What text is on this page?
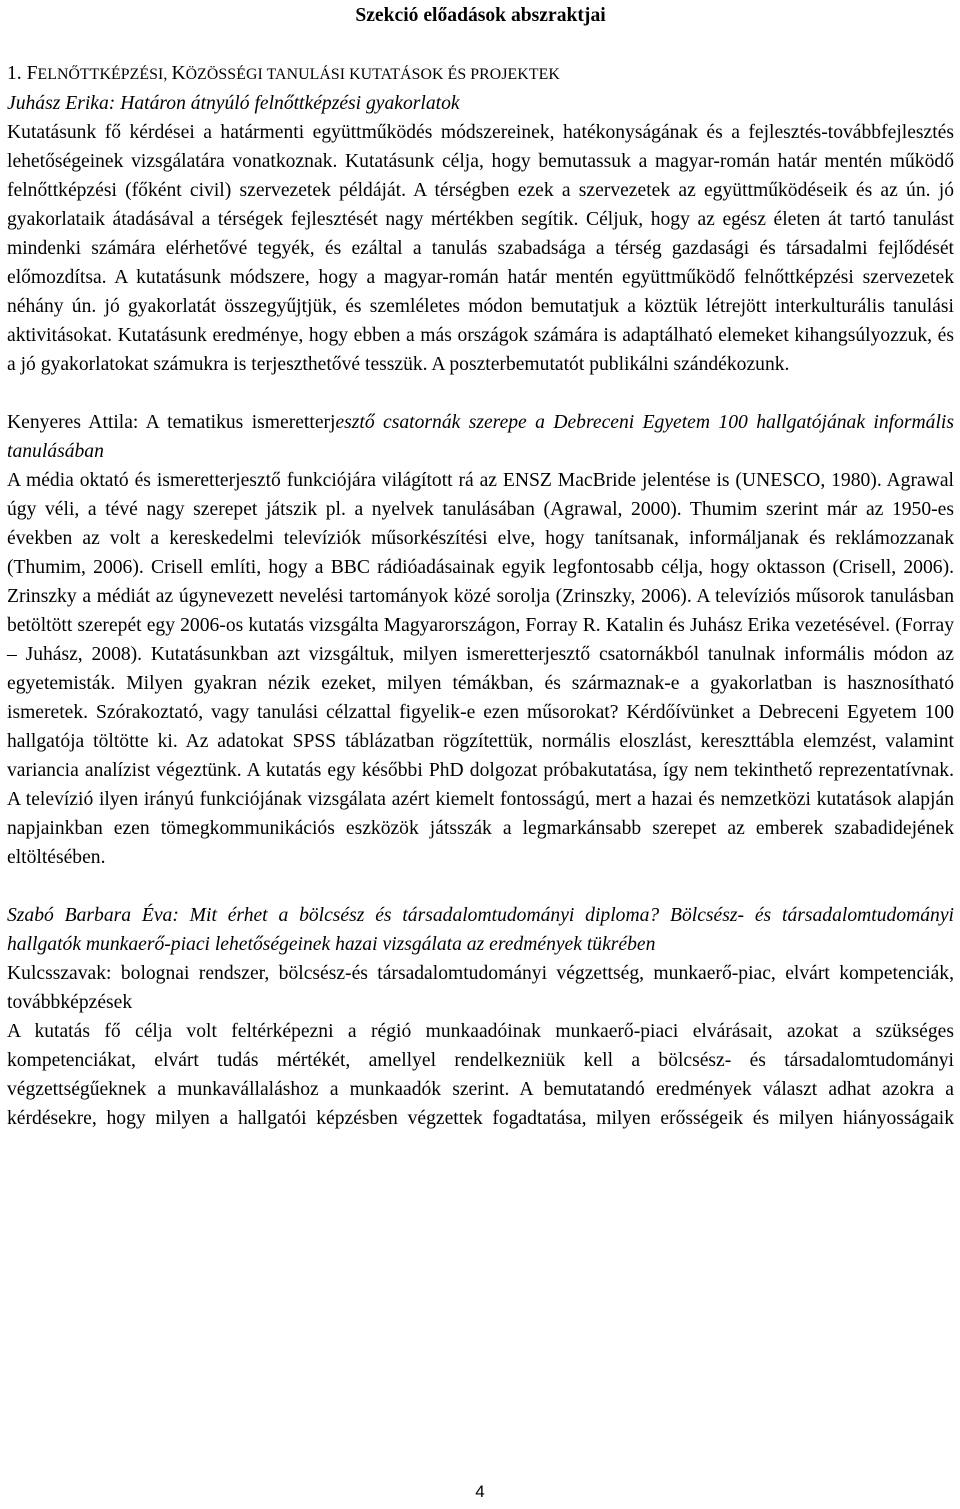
Szekció előadások abszraktjai
1. FELNŐTTKÉPZÉSI, KÖZÖSSÉGI TANULÁSI KUTATÁSOK ÉS PROJEKTEK
Juhász Erika: Határon átnyúló felnőttképzési gyakorlatok

Kutatásunk fő kérdései a határmenti együttműködés módszereinek, hatékonyságának és a fejlesztés-továbbfejlesztés lehetőségeinek vizsgálatára vonatkoznak. Kutatásunk célja, hogy bemutassuk a magyar-román határ mentén működő felnőttképzési (főként civil) szervezetek példáját. A térségben ezek a szervezetek az együttműködéseik és az ún. jó gyakorlataik átadásával a térségek fejlesztését nagy mértékben segítik. Céljuk, hogy az egész életen át tartó tanulást mindenki számára elérhetővé tegyék, és ezáltal a tanulás szabadsága a térség gazdasági és társadalmi fejlődését előmozdítsa. A kutatásunk módszere, hogy a magyar-román határ mentén együttműködő felnőttképzési szervezetek néhány ún. jó gyakorlatát összegyűjtjük, és szemléletes módon bemutatjuk a köztük létrejött interkulturális tanulási aktivitásokat. Kutatásunk eredménye, hogy ebben a más országok számára is adaptálható elemeket kihangsúlyozzuk, és a jó gyakorlatokat számukra is terjeszthetővé tesszük. A poszterbemutatót publikálni szándékozunk.

Kenyeres Attila: A tematikus ismeretterjesztő csatornák szerepe a Debreceni Egyetem 100 hallgatójának informális tanulásában

A média oktató és ismeretterjesztő funkciójára világított rá az ENSZ MacBride jelentése is (UNESCO, 1980). Agrawal úgy véli, a tévé nagy szerepet játszik pl. a nyelvek tanulásában (Agrawal, 2000). Thumim szerint már az 1950-es években az volt a kereskedelmi televíziók műsorkészítési elve, hogy tanítsanak, informáljanak és reklámozzanak (Thumim, 2006). Crisell említi, hogy a BBC rádióadásainak egyik legfontosabb célja, hogy oktasson (Crisell, 2006). Zrinszky a médiát az úgynevezett nevelési tartományok közé sorolja (Zrinszky, 2006). A televíziós műsorok tanulásban betöltött szerepét egy 2006-os kutatás vizsgálta Magyarországon, Forray R. Katalin és Juhász Erika vezetésével. (Forray – Juhász, 2008). Kutatásunkban azt vizsgáltuk, milyen ismeretterjesztő csatornákból tanulnak informális módon az egyetemisták. Milyen gyakran nézik ezeket, milyen témákban, és származnak-e a gyakorlatban is hasznosítható ismeretek. Szórakoztató, vagy tanulási célzattal figyelik-e ezen műsorokat? Kérdőívünket a Debreceni Egyetem 100 hallgatója töltötte ki. Az adatokat SPSS táblázatban rögzítettük, normális eloszlást, kereszttábla elemzést, valamint variancia analízist végeztünk. A kutatás egy későbbi PhD dolgozat próbakutatása, így nem tekinthető reprezentatívnak. A televízió ilyen irányú funkciójának vizsgálata azért kiemelt fontosságú, mert a hazai és nemzetközi kutatások alapján napjainkban ezen tömegkommunikációs eszközök játsszák a legmarkánsabb szerepet az emberek szabadidejének eltöltésében.

Szabó Barbara Éva: Mit érhet a bölcsész és társadalomtudományi diploma? Bölcsész- és társadalomtudományi hallgatók munkaerő-piaci lehetőségeinek hazai vizsgálata az eredmények tükrében

Kulcsszavak: bolognai rendszer, bölcsész-és társadalomtudományi végzettség, munkaerő-piac, elvárt kompetenciák, továbbképzések

A kutatás fő célja volt feltérképezni a régió munkaadóinak munkaerő-piaci elvárásait, azokat a szükséges kompetenciákat, elvárt tudás mértékét, amellyel rendelkezniük kell a bölcsész- és társadalomtudományi végzettségűeknek a munkavállaláshoz a munkaadók szerint. A bemutatandó eredmények választ adhat azokra a kérdésekre, hogy milyen a hallgatói képzésben végzettek fogadtatása, milyen erősségeik és milyen hiányosságaik

4
